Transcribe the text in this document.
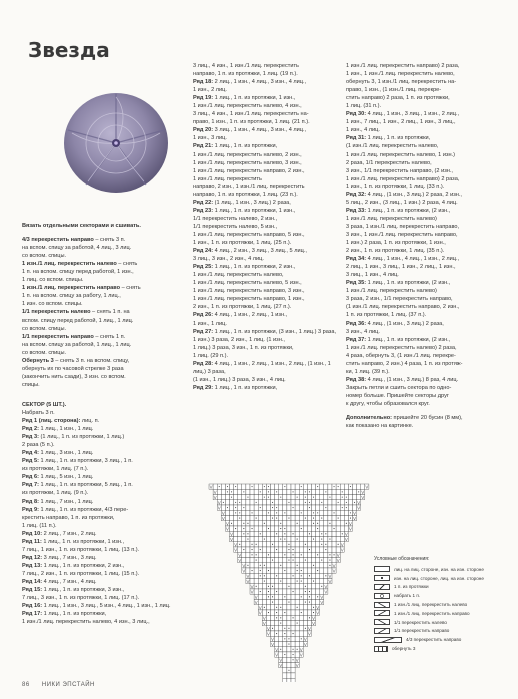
Звезда

Вязать отдельными секторами и сшивать.

4/3 перекрестить направо – снять 3 п.

на вспом. спицу за работой, 4 лиц., 3 лиц.

со вспом. спицы.

1 изн./1 лиц. перекрестить налево – снять

1 п. на вспом. спицу перед работой, 1 изн.,

1 лиц. со вспом. спицы.

1 изн./1 лиц. перекрестить направо – снять

1 п. на вспом. спицу за работу, 1 лиц.,

1 изн. со вспом. спицы.

1/1 перекрестить налево – снять 1 п. на

вспом. спицу перед работой, 1 лиц., 1 лиц.

со вспом. спицы.

1/1 перекрестить направо – снять 1 п.

на вспом. спицу за работой, 1 лиц., 1 лиц.

со вспом. спицы.

Обернуть 3 – снять 3 п. на вспом. спицу,

обернуть их по часовой стрелке 3 раза

(закончить нить сзади), 3 изн. со вспом.

спицы.

СЕКТОР (5 ШТ.).

Набрать 3 п.

Ряд 1 (лиц. сторона): лиц. п.

Ряд 2: 1 лиц., 1 изн., 1 лиц.

Ряд 3: (1 лиц., 1 п. из протяжки, 1 лиц.)

2 раза (5 п.).

Ряд 4: 1 лиц., 3 изн., 1 лиц.

Ряд 5: 1 лиц., 1 п. из протяжки, 3 лиц., 1 п.

из протяжки, 1 лиц. (7 п.).

Ряд 6: 1 лиц., 5 изн., 1 лиц.

Ряд 7: 1 лиц., 1 п. из протяжки, 5 лиц., 1 п.

из протяжки, 1 лиц. (9 п.).

Ряд 8: 1 лиц., 7 изн., 1 лиц.

Ряд 9: 1 лиц., 1 п. из протяжки, 4/3 пере-

крестить направо, 1 п. из протяжки,

1 лиц. (11 п.).

Ряд 10: 2 лиц., 7 изн., 2 лиц.

Ряд 11: 1 лиц., 1 п. из протяжки, 1 изн.,

7 лиц., 1 изн., 1 п. из протяжки, 1 лиц. (13 п.).

Ряд 12: 3 лиц., 7 изн., 3 лиц.

Ряд 13: 1 лиц., 1 п. из протяжки, 2 изн.,

7 лиц., 2 изн., 1 п. из протяжки, 1 лиц. (15 п.).

Ряд 14: 4 лиц., 7 изн., 4 лиц.

Ряд 15: 1 лиц., 1 п. из протяжки, 3 изн.,

7 лиц., 3 изн., 1 п. из протяжки, 1 лиц. (17 п.).

Ряд 16: 1 лиц., 1 изн., 3 лиц., 5 изн., 4 лиц., 1 изн., 1 лиц.

Ряд 17: 1 лиц., 1 п. из протяжки,

1 изн./1 лиц. перекрестить налево, 4 изн., 3 лиц.,

3 лиц., 4 изн., 1 изн./1 лиц. перекрестить

направо, 1 п. из протяжки, 1 лиц. (19 п.).

Ряд 18: 2 лиц., 1 изн., 4 лиц., 3 изн., 4 лиц.,

1 изн., 2 лиц.

Ряд 19: 1 лиц., 1 п. из протяжки, 1 изн.,

1 изн./1 лиц. перекрестить налево, 4 изн.,

3 лиц., 4 изн., 1 изн./1 лиц. перекрестить на-

право, 1 изн., 1 п. из протяжки, 1 лиц. (21 п.).

Ряд 20: 3 лиц., 1 изн., 4 лиц., 3 изн., 4 лиц.,

1 изн., 3 лиц.

Ряд 21: 1 лиц., 1 п. из протяжки,

1 изн./1 лиц. перекрестить налево, 2 изн.,

1 изн./1 лиц. перекрестить налево, 3 изн.,

1 изн./1 лиц. перекрестить направо, 2 изн.,

1 изн./1 лиц. перекрестить

направо, 2 изн., 1 изн./1 лиц. перекрестить

направо, 1 п. из протяжки, 1 лиц. (23 п.).

Ряд 22: (1 лиц., 1 изн., 3 лиц.) 2 раза,

Ряд 23: 1 лиц., 1 п. из протяжки, 1 изн.,

1/1 перекрестить налево, 2 изн.,

1/1 перекрестить налево, 5 изн.,

1 изн./1 лиц. перекрестить направо, 5 изн.,

1 изн., 1 п. из протяжки, 1 лиц. (25 п.).

Ряд 24: 4 лиц., 2 изн., 3 лиц., 3 лиц., 5 лиц.,

3 лиц., 3 изн., 2 изн., 4 лиц.

Ряд 25: 1 лиц., 1 п. из протяжки, 2 изн.,

1 изн./1 лиц. перекрестить налево,

1 изн./1 лиц. перекрестить налево, 5 изн.,

1 изн./1 лиц. перекрестить направо, 3 изн.,

1 изн./1 лиц. перекрестить направо, 1 изн.,

2 изн., 1 п. из протяжки, 1 лиц. (27 п.).

Ряд 26: 4 лиц., 1 изн., 2 лиц., 1 изн.,

1 изн., 1 лиц.

Ряд 27: 1 лиц., 1 п. из протяжки, (3 изн., 1 лиц.) 3 раза,

1 изн.) 3 раза, 2 изн., 1 лиц. (1 изн.,

1 лиц.) 3 раза, 3 изн., 1 п. из протяжки,

1 лиц. (29 п.).

Ряд 28: 4 лиц., 1 изн., 2 лиц., 1 изн., 2 лиц., (1 изн., 1 лиц.) 3 раза,

(1 изн., 1 лиц.) 3 раза, 3 изн., 4 лиц.

Ряд 29: 1 лиц., 1 п. из протяжки,

1 изн./1 лиц. перекрестить направо) 2 раза,

1 изн., 1 изн./1 лиц. перекрестить налево,

обернуть 3, 1 изн./1 лиц. перекрестить на-

право, 1 изн., (1 изн./1 лиц. перекре-

стить направо) 2 раза, 1 п. из протяжки,

1 лиц. (31 п.).

Ряд 30: 4 лиц., 1 изн., 3 лиц., 1 изн., 2 лиц.,

1 изн., 7 лиц., 1 изн., 2 лиц., 1 изн., 3 лиц.,

1 изн., 4 лиц.

Ряд 31: 1 лиц., 1 п. из протяжки,

(1 изн./1 лиц. перекрестить налево,

1 изн./1 лиц. перекрестить налево, 1 изн.)

2 раза, 1/1 перекрестить налево,

3 изн., 1/1 перекрестить направо, (2 изн.,

1 изн./1 лиц. перекрестить направо) 2 раза,

1 изн., 1 п. из протяжки, 1 лиц. (33 п.).

Ряд 32: 4 лиц., (1 изн., 3 лиц.) 2 раза, 2 изн.,

5 лиц., 2 изн., (3 лиц., 1 изн.) 2 раза, 4 лиц.

Ряд 33: 1 лиц., 1 п. из протяжки, (2 изн.,

1 изн./1 лиц. перекрестить налево)

3 раза, 1 изн./1 лиц. перекрестить направо,

3 изн., 1 изн./1 лиц. перекрестить направо,

1 изн.) 2 раза, 1 п. из протяжки, 1 изн.,

2 изн., 1 п. из протяжки, 1 лиц. (35 п.).

Ряд 34: 4 лиц., 1 изн., 4 лиц., 1 изн., 2 лиц.,

2 лиц., 1 изн., 3 лиц., 1 изн., 2 лиц., 1 изн.,

3 лиц., 1 изн., 4 лиц.

Ряд 35: 1 лиц., 1 п. из протяжки, (2 изн.,

1 изн./1 лиц. перекрестить налево)

3 раза, 2 изн., 1/1 перекрестить направо,

(1 изн./1 лиц. перекрестить направо, 2 изн.,

1 п. из протяжки, 1 лиц. (37 п.).

Ряд 36: 4 лиц., (1 изн., 3 лиц.) 2 раза,

3 изн., 4 лиц.

Ряд 37: 1 лиц., 1 п. из протяжки, (2 изн.,

1 изн./1 лиц. перекрестить налево) 2 раза,

4 раза, обернуть 3, (1 изн./1 лиц. перекре-

стить направо, 2 изн.) 4 раза, 1 п. из протяж-

ки, 1 лиц. (39 п.).

Ряд 38: 4 лиц., (1 изн., 3 лиц.) 8 раз, 4 лиц.

Закрыть петли и сшить сектора по одно-

номер больше. Пришейте секторы друг

к другу, чтобы образовался круг.

Дополнительно: пришейте 20 бусин (8 мм),

как показано на картинке.

Условные обозначения:
лиц. на лиц. стороне, изн. на изн. стороне
изн. на лиц. стороне, лиц. на изн. стороне
1 п. из протяжки
набрать 1 п.
1 изн./1 лиц. перекрестить налево
1 изн./1 лиц. перекрестить направо
1/1 перекрестить налево
1/1 перекрестить направо
4/3 перекрестить направо
обернуть 3
86 НИКИ ЭПСТАЙН
